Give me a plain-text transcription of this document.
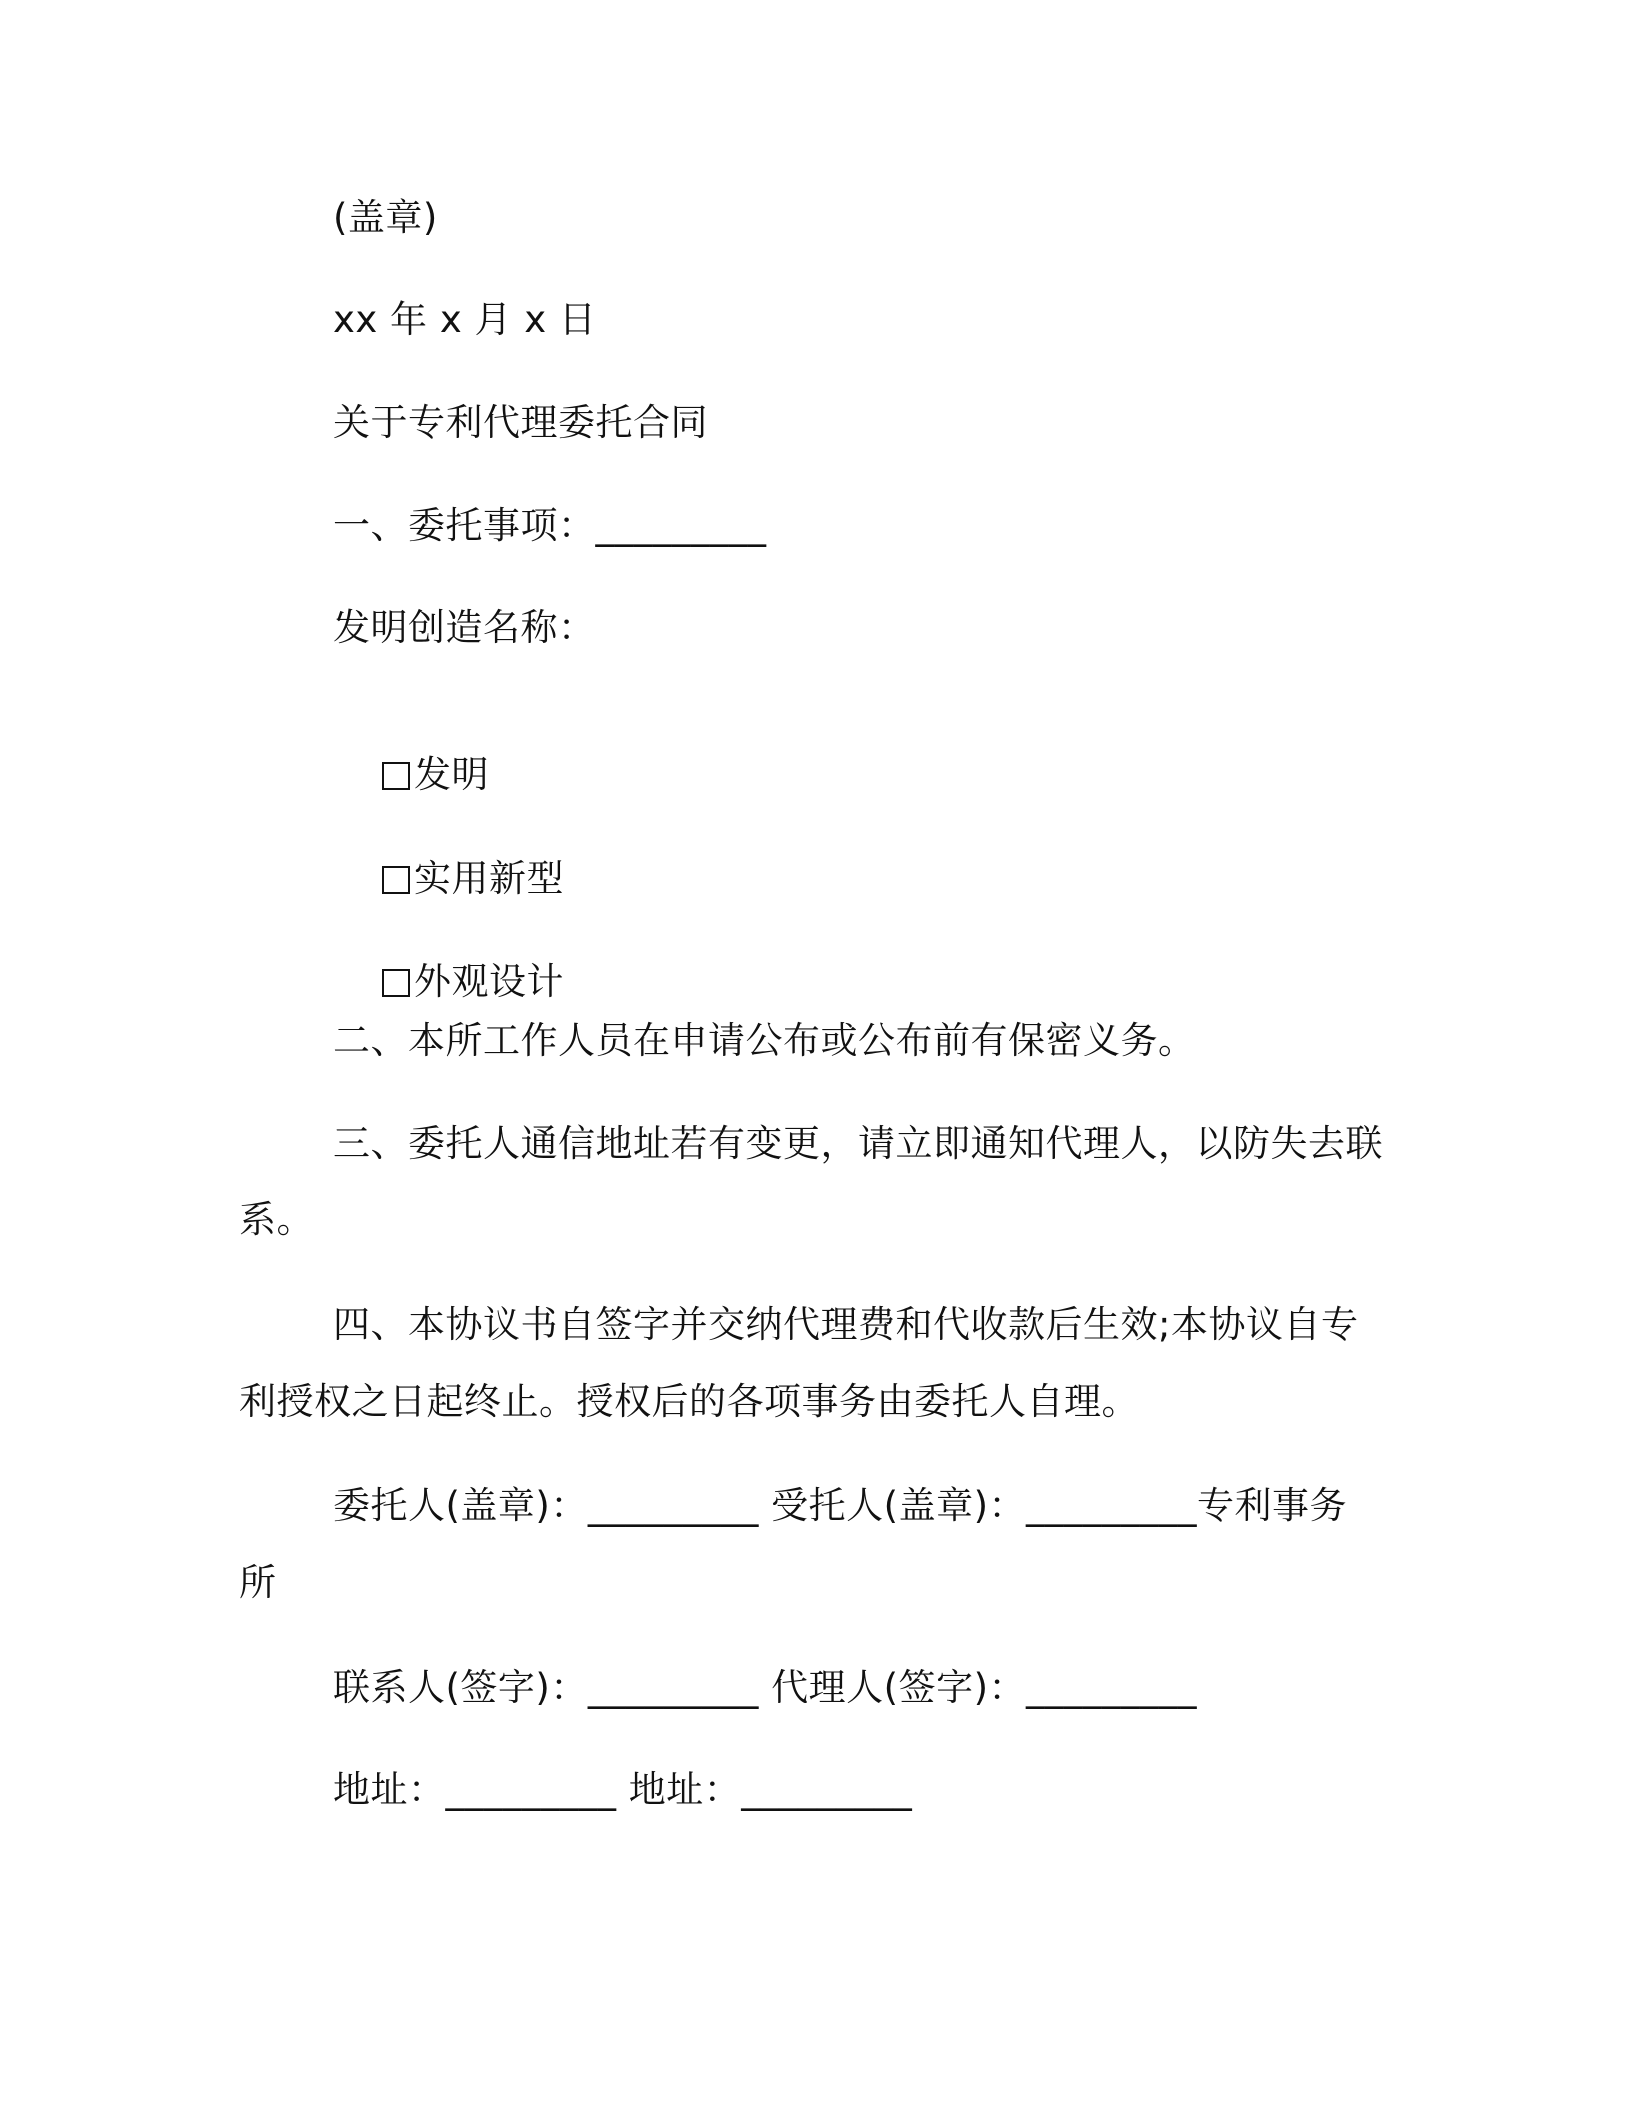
(盖章)
xx 年 x 月 x 日
关于专利代理委托合同
一、委托事项：_________
发明创造名称：

发明

实用新型

外观设计

二、本所工作人员在申请公布或公布前有保密义务。
三、委托人通信地址若有变更，请立即通知代理人，以防失去联
系。
四、本协议书自签字并交纳代理费和代收款后生效;本协议自专
利授权之日起终止。授权后的各项事务由委托人自理。
委托人(盖章)：_________ 受托人(盖章)：_________专利事务
所
联系人(签字)：_________ 代理人(签字)：_________
地址：_________ 地址：_________
